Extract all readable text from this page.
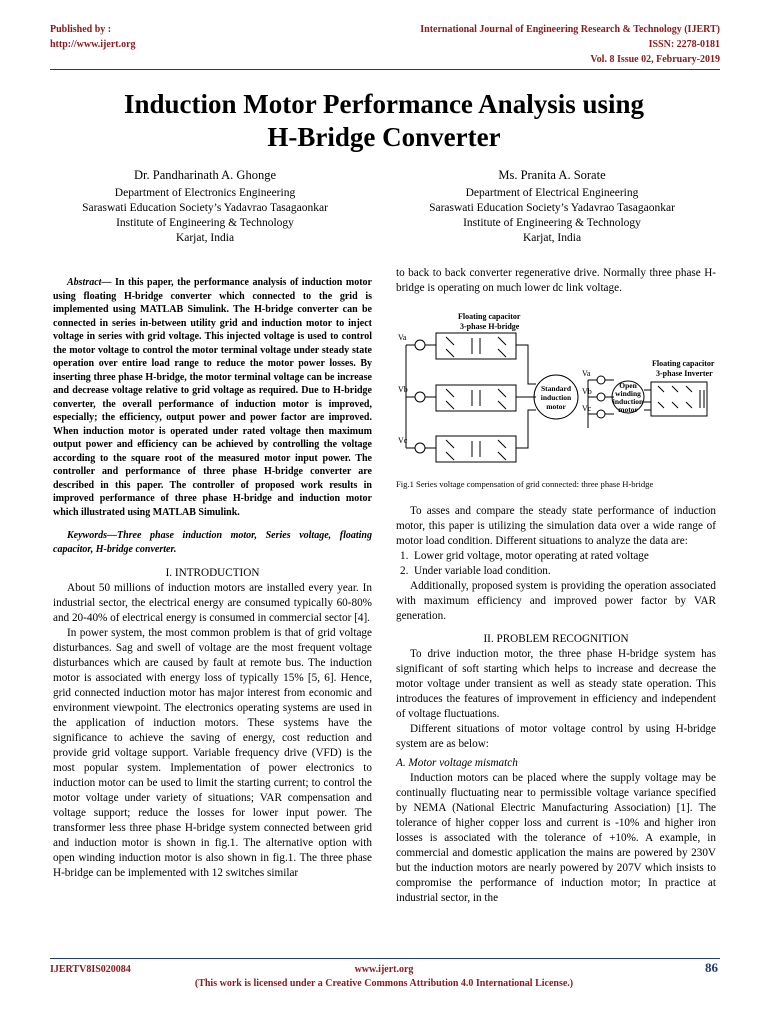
Published by :
http://www.ijert.org
International Journal of Engineering Research & Technology (IJERT)
ISSN: 2278-0181
Vol. 8 Issue 02, February-2019
Induction Motor Performance Analysis using
H-Bridge Converter
Dr. Pandharinath A. Ghonge
Department of Electronics Engineering
Saraswati Education Society’s Yadavrao Tasagaonkar
Institute of Engineering & Technology
Karjat, India
Ms. Pranita A. Sorate
Department of Electrical Engineering
Saraswati Education Society’s Yadavrao Tasagaonkar
Institute of Engineering & Technology
Karjat, India

Abstract— In this paper, the performance analysis of induction motor using floating H-bridge converter which connected to the grid is implemented using MATLAB Simulink. The H-bridge converter can be connected in series in-between utility grid and induction motor to inject voltage in series with grid voltage. This injected voltage is used to control the motor voltage to control the motor terminal voltage under steady state operation over entire load range to reduce the motor power losses. By inserting three phase H-bridge, the motor terminal voltage can be increase and decrease voltage relative to grid voltage as required. Due to H-bridge converter, the overall performance of induction motor is improved, especially; the efficiency, output power and power factor are improved. When induction motor is operated under rated voltage then maximum output power and efficiency can be achieved by controlling the voltage according to the square root of the measured motor input power. The controller and performance of three phase H-bridge converter are described in this paper. The controller of proposed work results in improved performance of three phase H-bridge and induction motor which illustrated using MATLAB Simulink.

Keywords—Three phase induction motor, Series voltage, floating capacitor, H-bridge converter.

I. INTRODUCTION

About 50 millions of induction motors are installed every year. In industrial sector, the electrical energy are consumed typically 60-80% and 20-40% of electrical energy is consumed in commercial sector [4].

In power system, the most common problem is that of grid voltage disturbances. Sag and swell of voltage are the most frequent voltage disturbances which are caused by fault at remote bus. The induction motor is associated with energy loss of typically 15% [5, 6]. Hence, grid connected induction motor has major interest from economic and environment viewpoint. The electronics operating systems are used in the application of induction motors. These systems have the significance to achieve the saving of energy, cost reduction and provide grid voltage support. Variable frequency drive (VFD) is the most popular system. Implementation of power electronics to induction motor can be used to limit the starting current; to control the motor voltage under variety of situations; VAR compensation and voltage support; reduce the losses for lower input power. The transformer less three phase H-bridge system connected between grid and induction motor is shown in fig.1. The alternative option with open winding induction motor is also shown in fig.1. The three phase H-bridge can be implemented with 12 switches similar

to back to back converter regenerative drive. Normally three phase H-bridge is operating on much lower dc link voltage.

Floating capacitor
3-phase H-bridge
Floating capacitor
3-phase Inverter
Va
Vb
Vc
Va
Vb
Vc
Standard
induction
motor
Open
winding
induction
motor
Fig.1 Series voltage compensation of grid connected: three phase H-bridge

To asses and compare the steady state performance of induction motor, this paper is utilizing the simulation data over a wide range of motor load condition. Different situations to analyze the data are:

1. Lower grid voltage, motor operating at rated voltage
2. Under variable load condition.

Additionally, proposed system is providing the operation associated with maximum efficiency and improved power factor by VAR generation.

II. PROBLEM RECOGNITION

To drive induction motor, the three phase H-bridge system has significant of soft starting which helps to increase and decrease the motor voltage under transient as well as steady state operation. This introduces the features of improvement in efficiency and independent of voltage fluctuations.

Different situations of motor voltage control by using H-bridge system are as below:

A. Motor voltage mismatch

Induction motors can be placed where the supply voltage may be continually fluctuating near to permissible voltage variance specified by NEMA (National Electric Manufacturing Association) [1]. The tolerance of higher copper loss and current is -10% and higher iron losses is associated with the tolerance of +10%. A example, in commercial and domestic application the mains are powered by 230V but the induction motors are nearly powered by 207V which insists to compromise the performance of induction motor; In practice at industrial sector, in the

IJERTV8IS020084	www.ijert.org	86
(This work is licensed under a Creative Commons Attribution 4.0 International License.)
